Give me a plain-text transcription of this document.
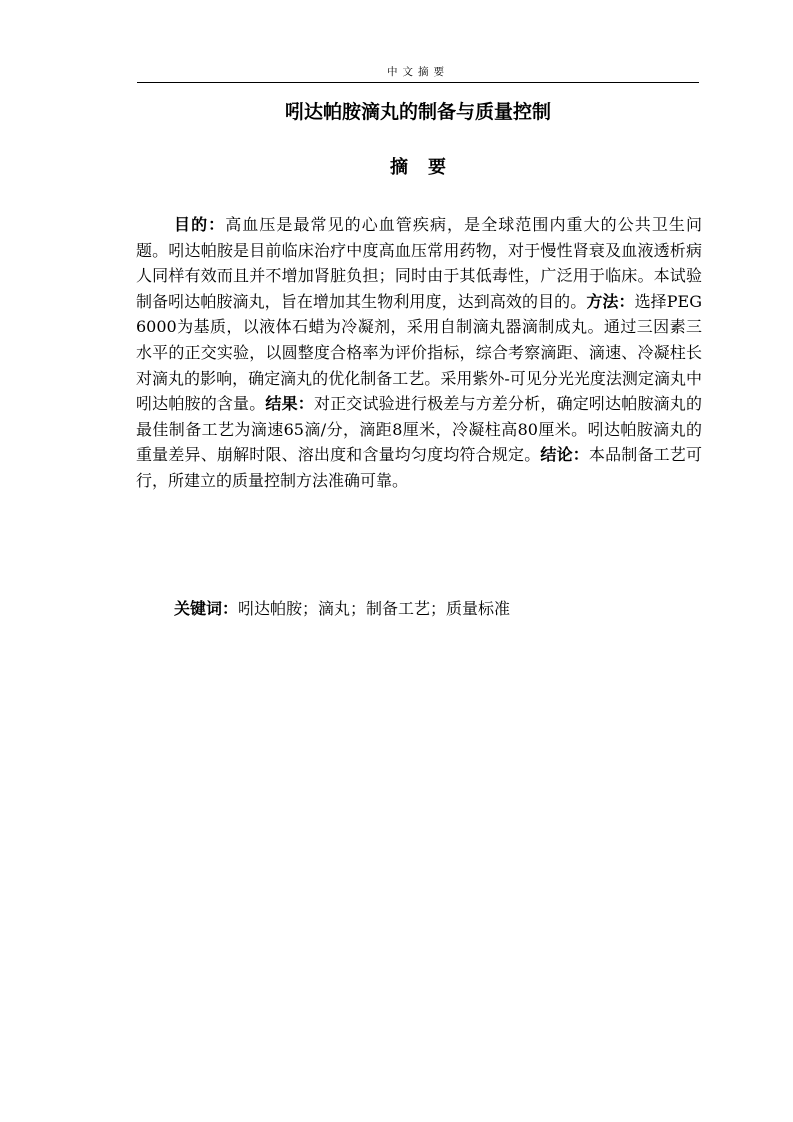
中文摘要
吲达帕胺滴丸的制备与质量控制
摘要

目的：高血压是最常见的心血管疾病，是全球范围内重大的公共卫生问题。吲达帕胺是目前临床治疗中度高血压常用药物，对于慢性肾衰及血液透析病人同样有效而且并不增加肾脏负担；同时由于其低毒性，广泛用于临床。本试验制备吲达帕胺滴丸，旨在增加其生物利用度，达到高效的目的。方法：选择PEG 6000为基质，以液体石蜡为冷凝剂，采用自制滴丸器滴制成丸。通过三因素三水平的正交实验，以圆整度合格率为评价指标，综合考察滴距、滴速、冷凝柱长对滴丸的影响，确定滴丸的优化制备工艺。采用紫外-可见分光光度法测定滴丸中吲达帕胺的含量。结果：对正交试验进行极差与方差分析，确定吲达帕胺滴丸的最佳制备工艺为滴速65滴/分，滴距8厘米，冷凝柱高80厘米。吲达帕胺滴丸的重量差异、崩解时限、溶出度和含量均匀度均符合规定。结论：本品制备工艺可行，所建立的质量控制方法准确可靠。

关键词：吲达帕胺；滴丸；制备工艺；质量标准
